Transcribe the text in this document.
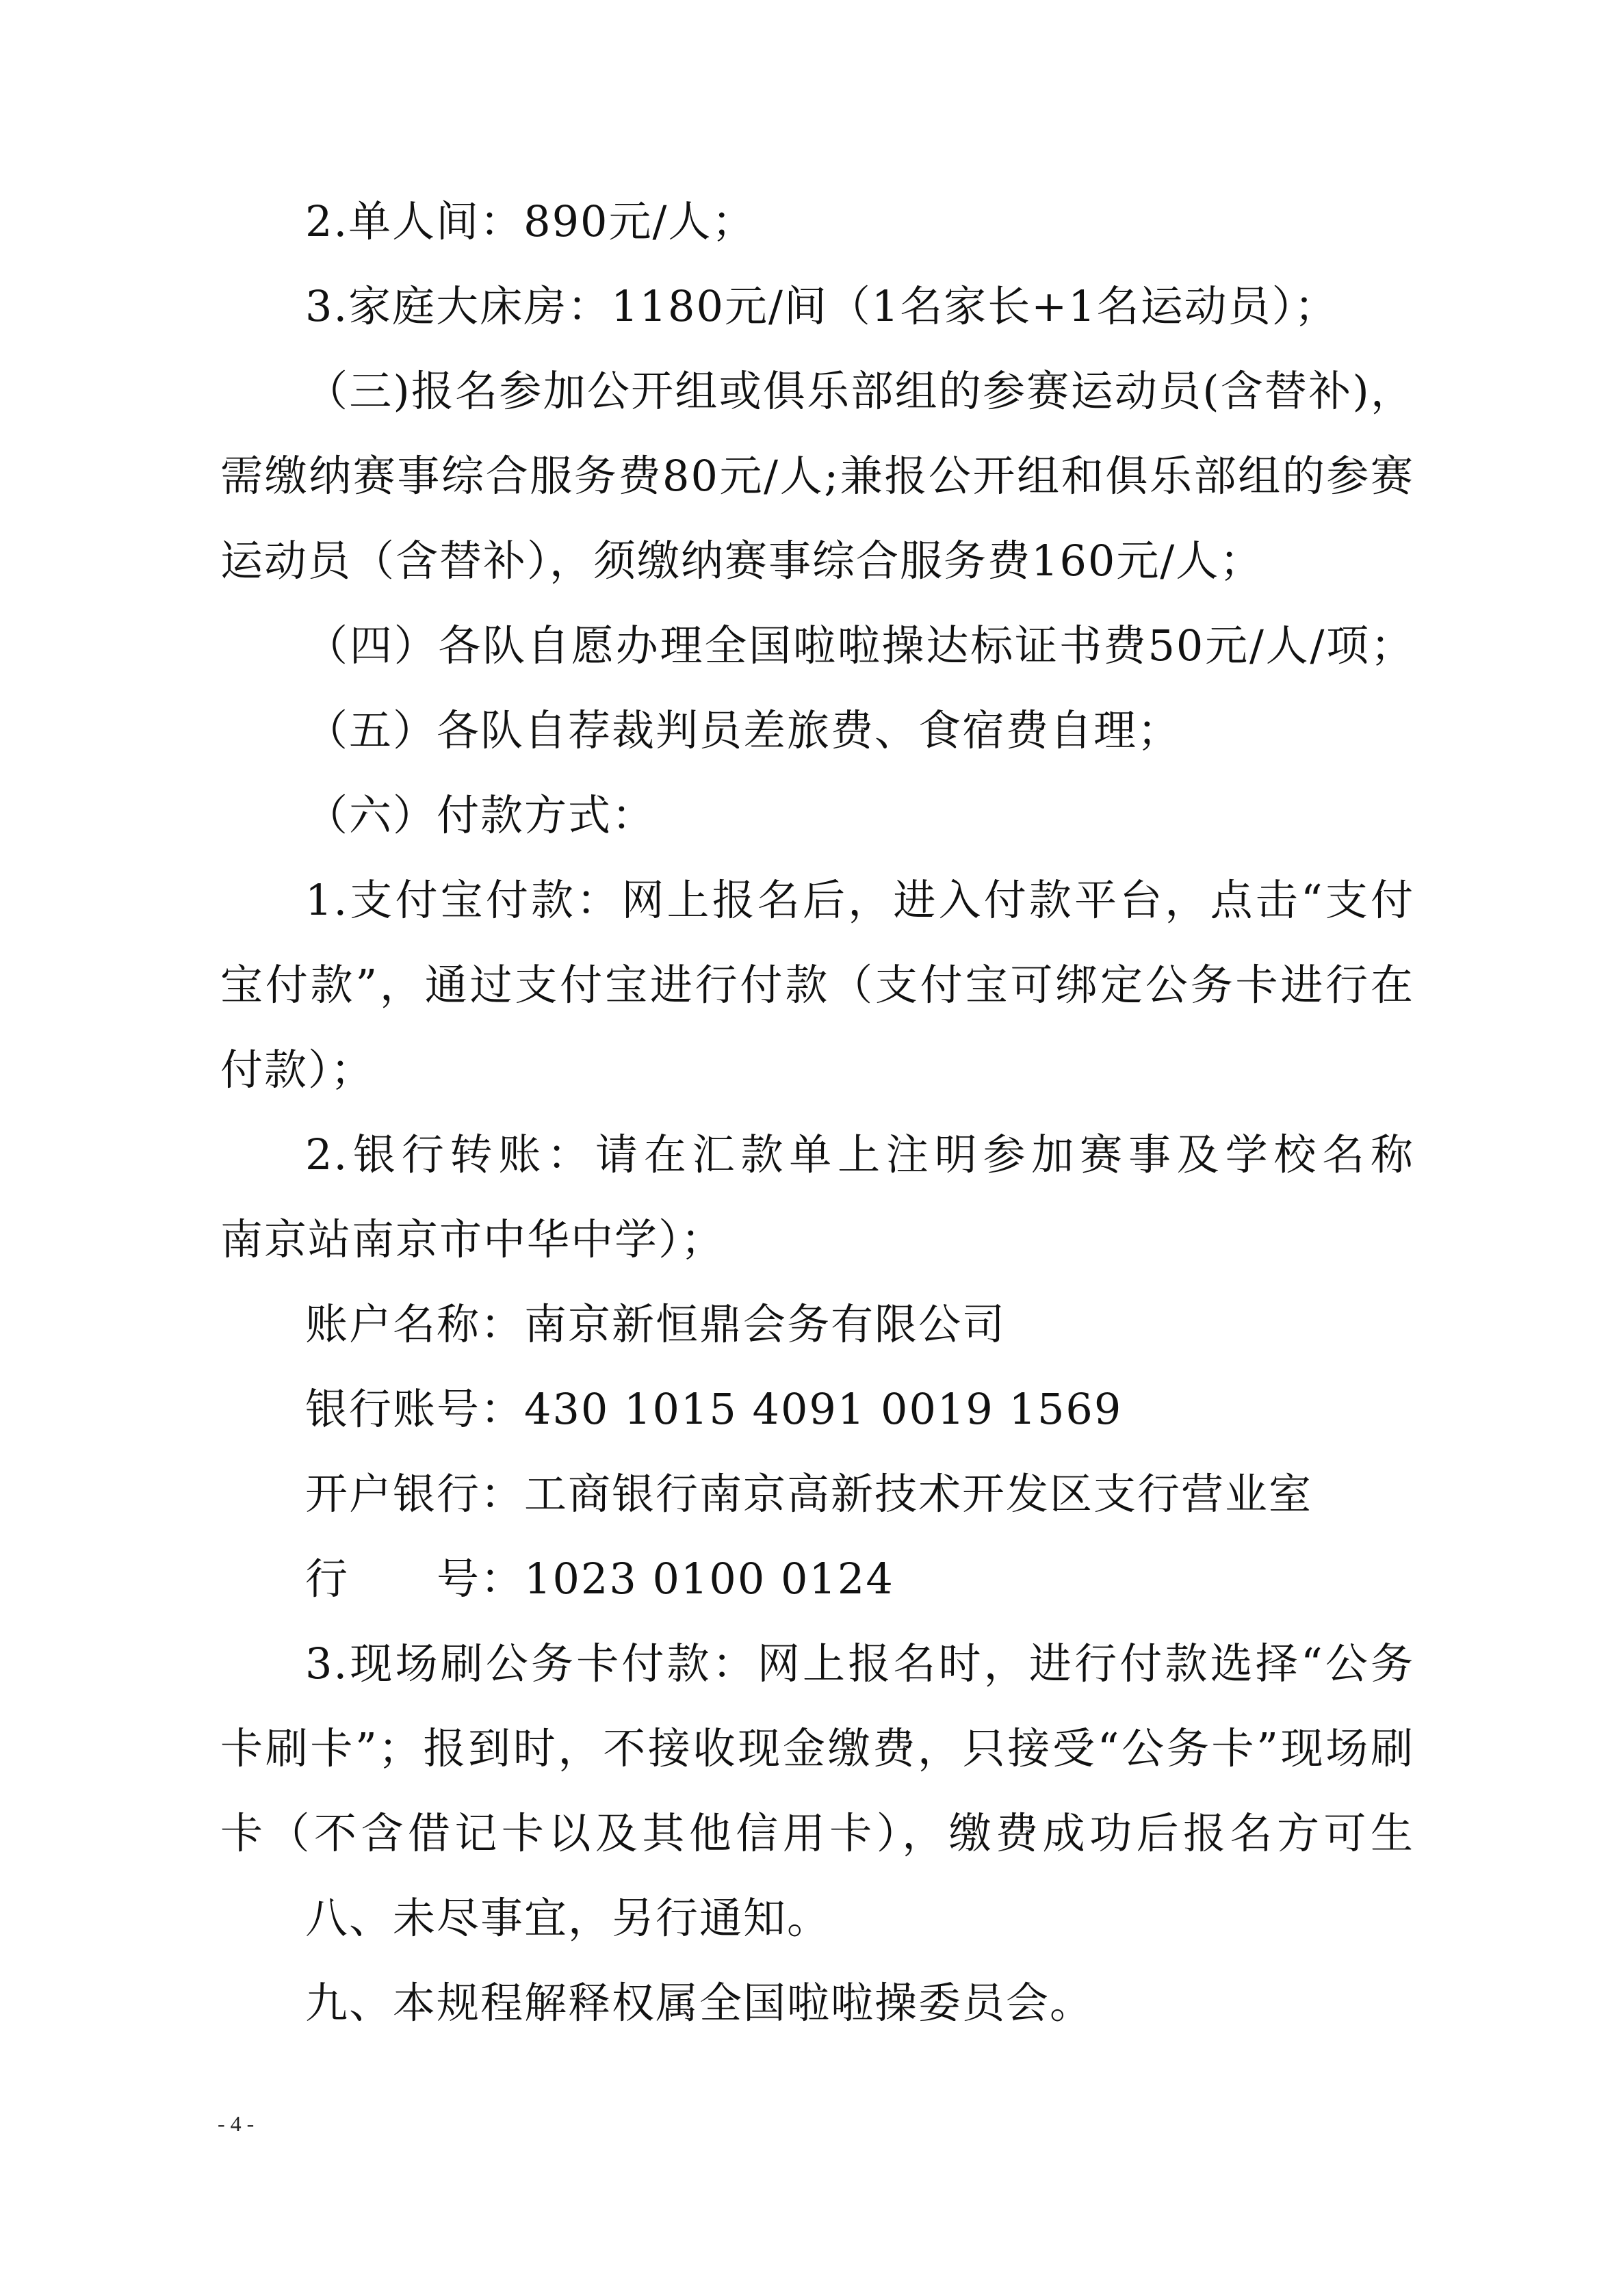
2.单人间：890元/人；
3.家庭大床房：1180元/间（1名家长+1名运动员）；
（三)报名参加公开组或俱乐部组的参赛运动员(含替补)，
需缴纳赛事综合服务费80元/人;兼报公开组和俱乐部组的参赛
运动员（含替补），须缴纳赛事综合服务费160元/人；
（四）各队自愿办理全国啦啦操达标证书费50元/人/项；
（五）各队自荐裁判员差旅费、食宿费自理；
（六）付款方式：
1.支付宝付款：网上报名后，进入付款平台，点击“支付
宝付款”，通过支付宝进行付款（支付宝可绑定公务卡进行在
付款）；
2.银行转账：请在汇款单上注明参加赛事及学校名称
南京站南京市中华中学）；
账户名称：南京新恒鼎会务有限公司
银行账号：430 1015 4091 0019 1569
开户银行：工商银行南京高新技术开发区支行营业室
行　　号：1023 0100 0124
3.现场刷公务卡付款：网上报名时，进行付款选择“公务
卡刷卡”；报到时，不接收现金缴费，只接受“公务卡”现场刷
卡（不含借记卡以及其他信用卡），缴费成功后报名方可生
八、未尽事宜，另行通知。
九、本规程解释权属全国啦啦操委员会。
- 4 -
